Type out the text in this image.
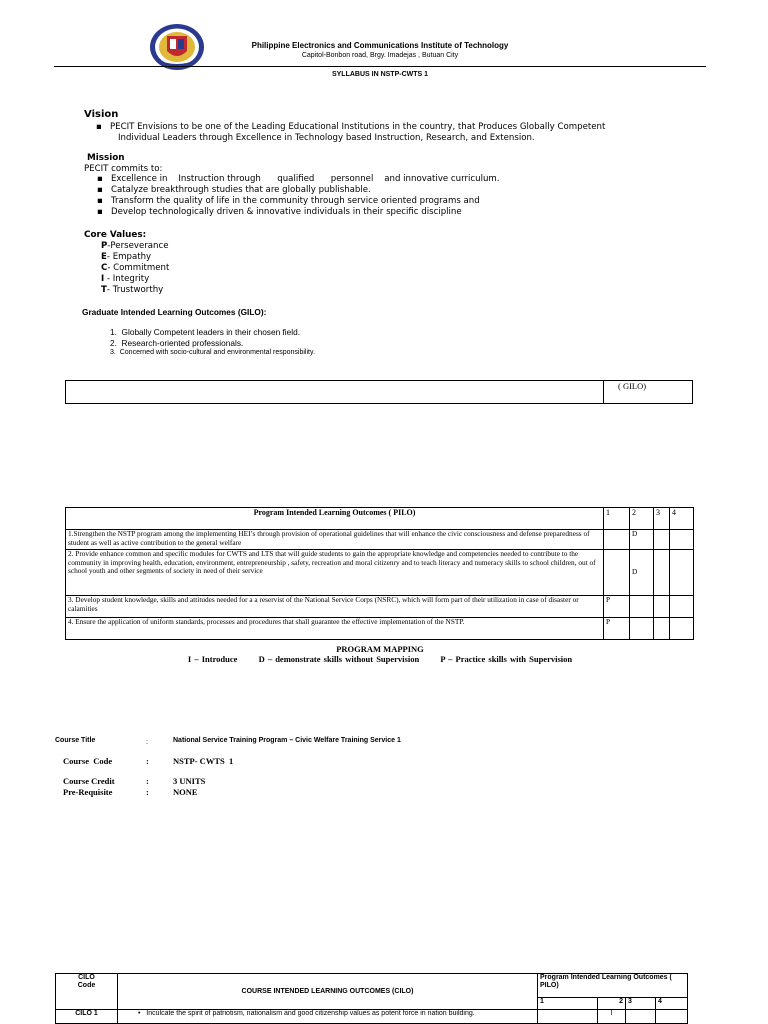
Philippine Electronics and Communications Institute of Technology
Capitol-Bonbon road, Brgy. Imadejas , Butuan City
SYLLABUS IN NSTP-CWTS 1
Vision
▪ PECIT Envisions to be one of the Leading Educational Institutions in the country, that Produces Globally Competent
Individual Leaders through Excellence in Technology based Instruction, Research, and Extension.
Mission
PECIT commits to:
▪ Excellence in    Instruction through      qualified      personnel    and innovative curriculum.
▪ Catalyze breakthrough studies that are globally publishable.
▪ Transform the quality of life in the community through service oriented programs and
▪ Develop technologically driven & innovative individuals in their specific discipline
Core Values:
P-Perseverance
E- Empathy
C- Commitment
I - Integrity
T- Trustworthy
Graduate Intended Learning Outcomes (GILO):
1.  Globally Competent leaders in their chosen field.
2.  Research-oriented professionals.
3.  Concerned with socio-cultural and environmental responsibility.
( GILO)
Program Intended Learning Outcomes ( PILO)	1	2	3	4
1.Strengthen the NSTP program among the implementing HEI’s through provision of operational guidelines that will enhance the civic consciousness and defense preparedness of student as well as active contribution to the general welfare		D		
2. Provide enhance common and specific modules for CWTS and LTS that will guide students to gain the appropriate knowledge and competencies needed to contribute to the community in improving health, education, environment, entrepreneurship , safety, recreation and moral citizenry and to teach literacy and numeracy skills to school children, out of school youth and other segments of society in need of their service		D		
3. Develop student knowledge, skills and attitudes needed for a a reservist of the National Service Corps (NSRC), which will form part of their utilization in case of disaster or calamities	P			
4. Ensure the application of uniform standards, processes and procedures that shall guarantee the effective implementation of the NSTP.	P			
PROGRAM MAPPING
I – Introduce D – demonstrate skills without Supervision P – Practice skills with Supervision
Course Title	:	National Service Training Program – Civic Welfare Training Service 1
Course  Code	:	NSTP- CWTS  1
Course Credit	:	3 UNITS
Pre-Requisite	:	NONE
CILO
Code	COURSE INTENDED LEARNING OUTCOMES (CILO)	Program Intended Learning Outcomes ( PILO)			
		1	2	3	4
CILO 1	•   Inculcate the spirit of patriotism, nationalism and good citizenship values as potent force in nation building.		I		
